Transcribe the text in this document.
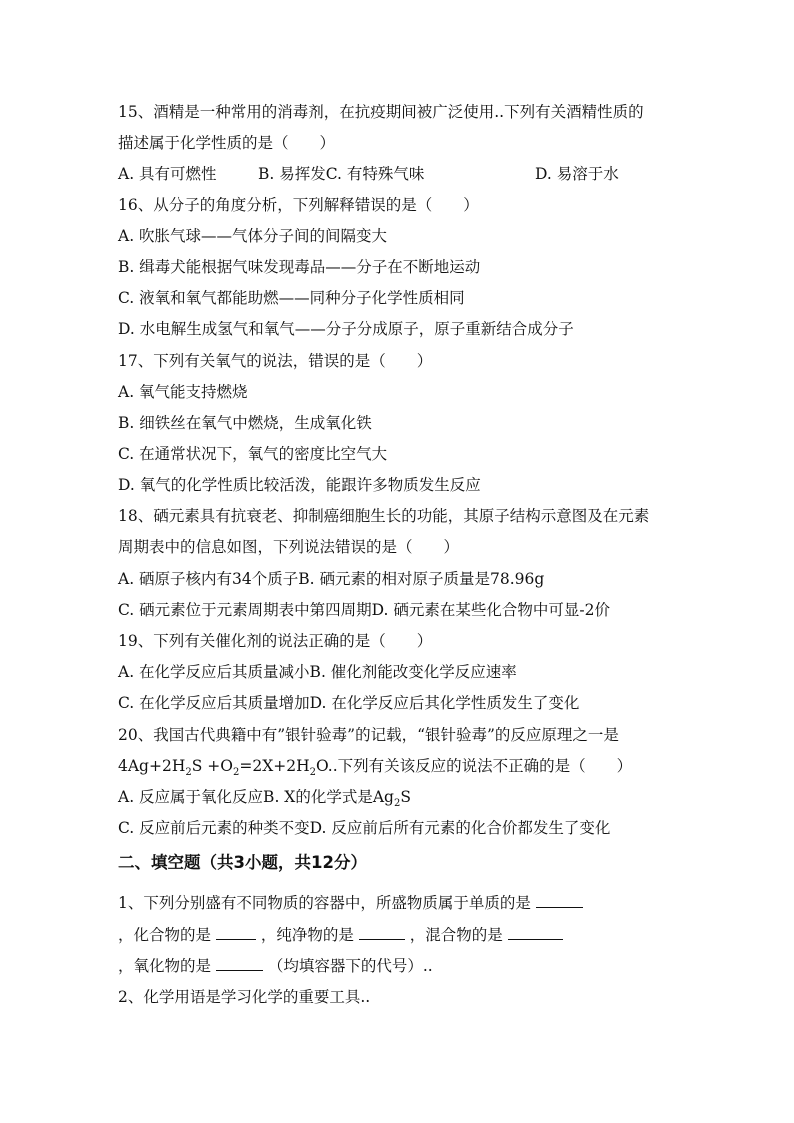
15、酒精是一种常用的消毒剂，在抗疫期间被广泛使用..下列有关酒精性质的
描述属于化学性质的是（　　）
A. 具有可燃性	B. 易挥发C. 有特殊气味	D. 易溶于水
16、从分子的角度分析，下列解释错误的是（　　）
A. 吹胀气球——气体分子间的间隔变大
B. 缉毒犬能根据气味发现毒品——分子在不断地运动
C. 液氧和氧气都能助燃——同种分子化学性质相同
D. 水电解生成氢气和氧气——分子分成原子，原子重新结合成分子
17、下列有关氧气的说法，错误的是（　　）
A. 氧气能支持燃烧
B. 细铁丝在氧气中燃烧，生成氧化铁
C. 在通常状况下，氧气的密度比空气大
D. 氧气的化学性质比较活泼，能跟许多物质发生反应
18、硒元素具有抗衰老、抑制癌细胞生长的功能，其原子结构示意图及在元素
周期表中的信息如图，下列说法错误的是（　　）
A. 硒原子核内有34个质子B. 硒元素的相对原子质量是78.96g
C. 硒元素位于元素周期表中第四周期D. 硒元素在某些化合物中可显-2价
19、下列有关催化剂的说法正确的是（　　）
A. 在化学反应后其质量减小B. 催化剂能改变化学反应速率
C. 在化学反应后其质量增加D. 在化学反应后其化学性质发生了变化
20、我国古代典籍中有”银针验毒”的记载，“银针验毒”的反应原理之一是
$4Ag+2H_2S +O_2=2X+2H_2O$..下列有关该反应的说法不正确的是（　　）
A. 反应属于氧化反应B. X的化学式是$Ag_2S$
C. 反应前后元素的种类不变D. 反应前后所有元素的化合价都发生了变化
二、填空题（共3小题，共12分）
1、下列分别盛有不同物质的容器中，所盛物质属于单质的是
，化合物的是	，纯净物的是	，混合物的是
，氧化物的是	（均填容器下的代号）..
2、化学用语是学习化学的重要工具..
